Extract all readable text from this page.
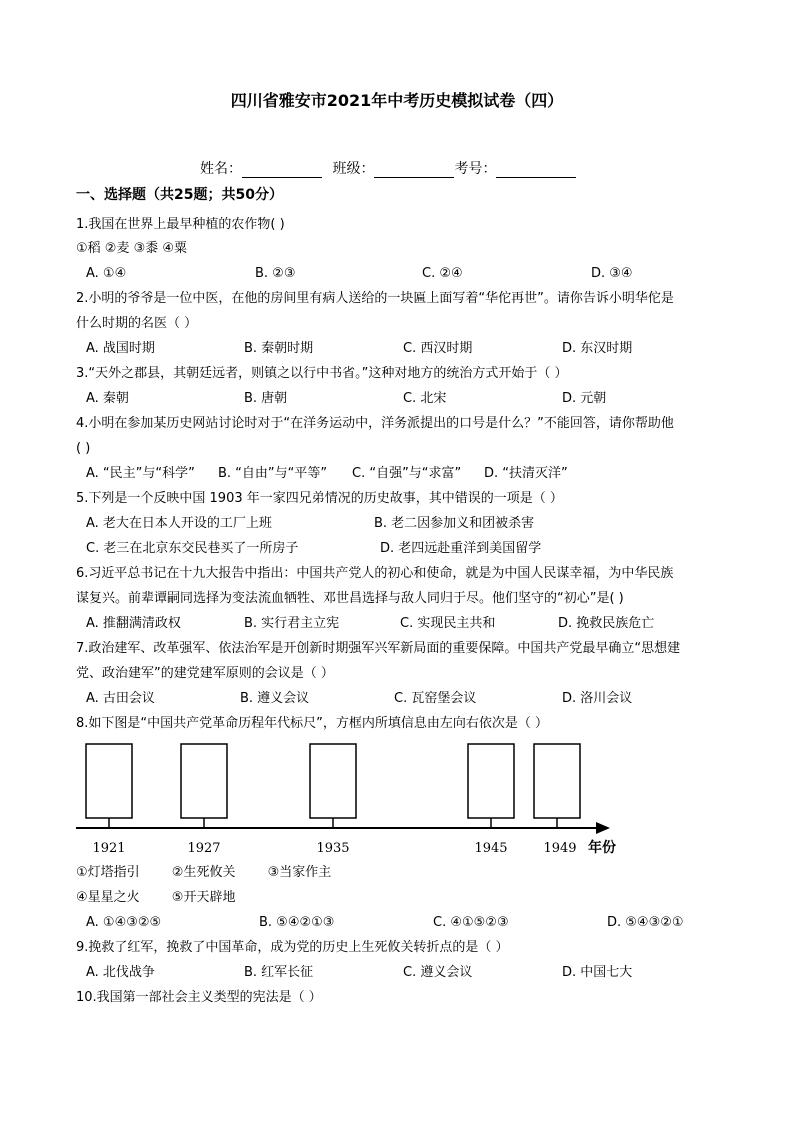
四川省雅安市2021年中考历史模拟试卷（四）
姓名：	班级：	考号：
一、选择题（共25题；共50分）
1.我国在世界上最早种植的农作物( )
①稻 ②麦 ③黍 ④粟
A. ①④	B. ②③	C. ②④	D. ③④
2.小明的爷爷是一位中医，在他的房间里有病人送给的一块匾上面写着“华佗再世”。请你告诉小明华佗是
什么时期的名医（ ）
A. 战国时期	B. 秦朝时期	C. 西汉时期	D. 东汉时期
3.“天外之郡县，其朝廷远者，则镇之以行中书省。”这种对地方的统治方式开始于（ ）
A. 秦朝	B. 唐朝	C. 北宋	D. 元朝
4.小明在参加某历史网站讨论时对于“在洋务运动中，洋务派提出的口号是什么？”不能回答，请你帮助他
( )
A. “民主”与“科学” B. “自由”与“平等” C. “自强”与“求富” D. “扶清灭洋”
5.下列是一个反映中国 1903 年一家四兄弟情况的历史故事，其中错误的一项是（ ）
A. 老大在日本人开设的工厂上班	B. 老二因参加义和团被杀害
C. 老三在北京东交民巷买了一所房子	D. 老四远赴重洋到美国留学
6.习近平总书记在十九大报告中指出：中国共产党人的初心和使命，就是为中国人民谋幸福，为中华民族
谋复兴。前辈谭嗣同选择为变法流血牺牲、邓世昌选择与敌人同归于尽。他们坚守的“初心”是( )
A. 推翻满清政权	B. 实行君主立宪	C. 实现民主共和	D. 挽救民族危亡
7.政治建军、改革强军、依法治军是开创新时期强军兴军新局面的重要保障。中国共产党最早确立“思想建
党、政治建军”的建党建军原则的会议是（ ）
A. 古田会议	B. 遵义会议	C. 瓦窑堡会议	D. 洛川会议
8.如下图是“中国共产党革命历程年代标尺”，方框内所填信息由左向右依次是（ ）
1921	1927	1935	1945	1949 年份
①灯塔指引 ②生死攸关 ③当家作主
④星星之火 ⑤开天辟地
A. ①④③②⑤	B. ⑤④②①③	C. ④①⑤②③	D. ⑤④③②①
9.挽救了红军，挽救了中国革命，成为党的历史上生死攸关转折点的是（ ）
A. 北伐战争	B. 红军长征	C. 遵义会议	D. 中国七大
10.我国第一部社会主义类型的宪法是（ ）
